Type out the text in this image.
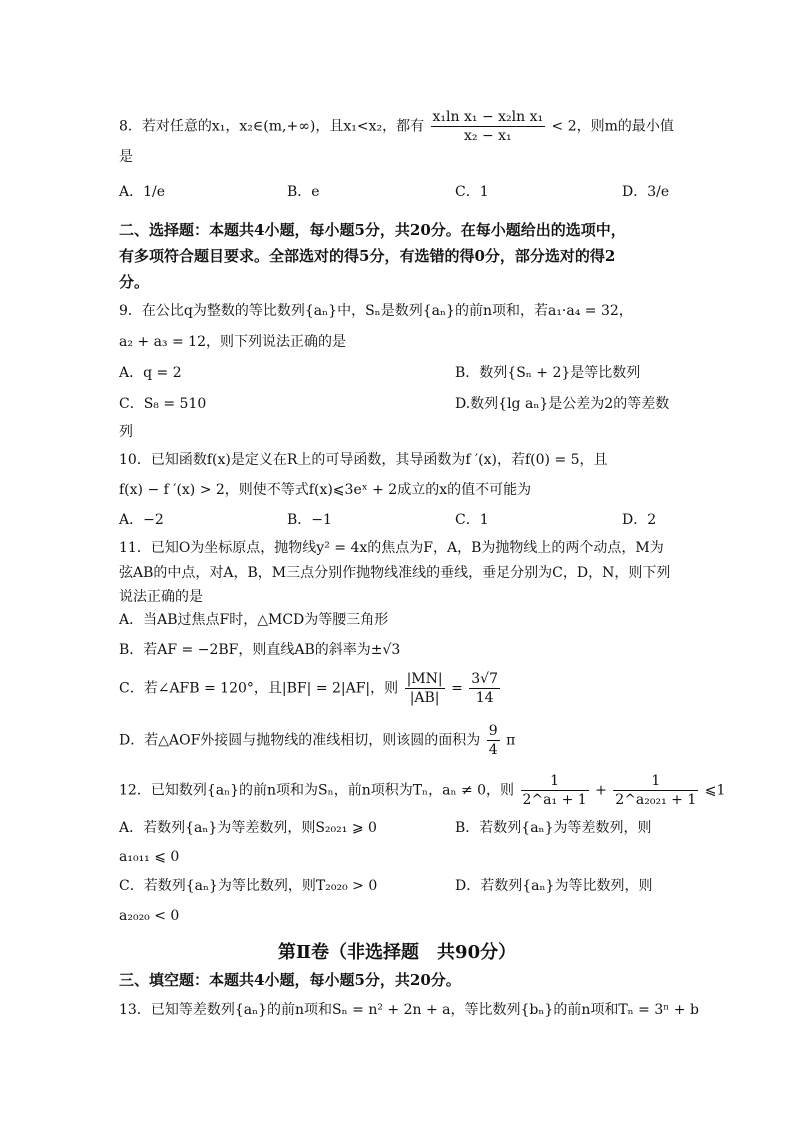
8．若对任意的x₁，x₂∈(m,+∞)，且x₁<x₂，都有 $\frac{\text{x₁ln x₁ − x₂ln x₁}}{\text{x₂ − x₁}} < 2$，则m的最小值
是
A．1/e	B．e	C．1	D．3/e
二、选择题：本题共4小题，每小题5分，共20分。在每小题给出的选项中，
有多项符合题目要求。全部选对的得5分，有选错的得0分，部分选对的得2
分。
9．在公比q为整数的等比数列{aₙ}中，Sₙ是数列{aₙ}的前n项和，若a₁·a₄ = 32，
a₂ + a₃ = 12，则下列说法正确的是
A．q = 2	B．数列{Sₙ + 2}是等比数列
C．S₈ = 510	D.数列{lg aₙ}是公差为2的等差数
列
10．已知函数f(x)是定义在R上的可导函数，其导函数为f ′(x)，若f(0) = 5，且
f(x) − f ′(x) > 2，则使不等式f(x)⩽3eˣ + 2成立的x的值不可能为
A．−2	B．−1	C．1	D．2
11．已知O为坐标原点，抛物线y² = 4x的焦点为F，A，B为抛物线上的两个动点，M为
弦AB的中点，对A，B，M三点分别作抛物线准线的垂线，垂足分别为C，D，N，则下列
说法正确的是
A．当AB过焦点F时，△MCD为等腰三角形
B．若AF = −2BF，则直线AB的斜率为±√3
C．若∠AFB = 120°，且|BF| = 2|AF|，则 $\frac{|MN|}{|AB|} = \frac{3√7}{14}$
D．若△AOF外接圆与抛物线的准线相切，则该圆的面积为 $\frac{9}{4}$ π
12．已知数列{aₙ}的前n项和为Sₙ，前n项积为Tₙ，aₙ ≠ 0，则 $\frac{1}{\text{2\textasciicircum{}a₁ + 1}} + \frac{1}{\text{2\textasciicircum{}a₂₀₂₁ + 1}}$ ⩽1
A．若数列{aₙ}为等差数列，则S₂₀₂₁ ⩾ 0	B．若数列{aₙ}为等差数列，则
a₁₀₁₁ ⩽ 0
C．若数列{aₙ}为等比数列，则T₂₀₂₀ > 0	D．若数列{aₙ}为等比数列，则
a₂₀₂₀ < 0
第Ⅱ卷（非选择题　共90分）
三、填空题：本题共4小题，每小题5分，共20分。
13．已知等差数列{aₙ}的前n项和Sₙ = n² + 2n + a，等比数列{bₙ}的前n项和Tₙ = 3ⁿ + b
